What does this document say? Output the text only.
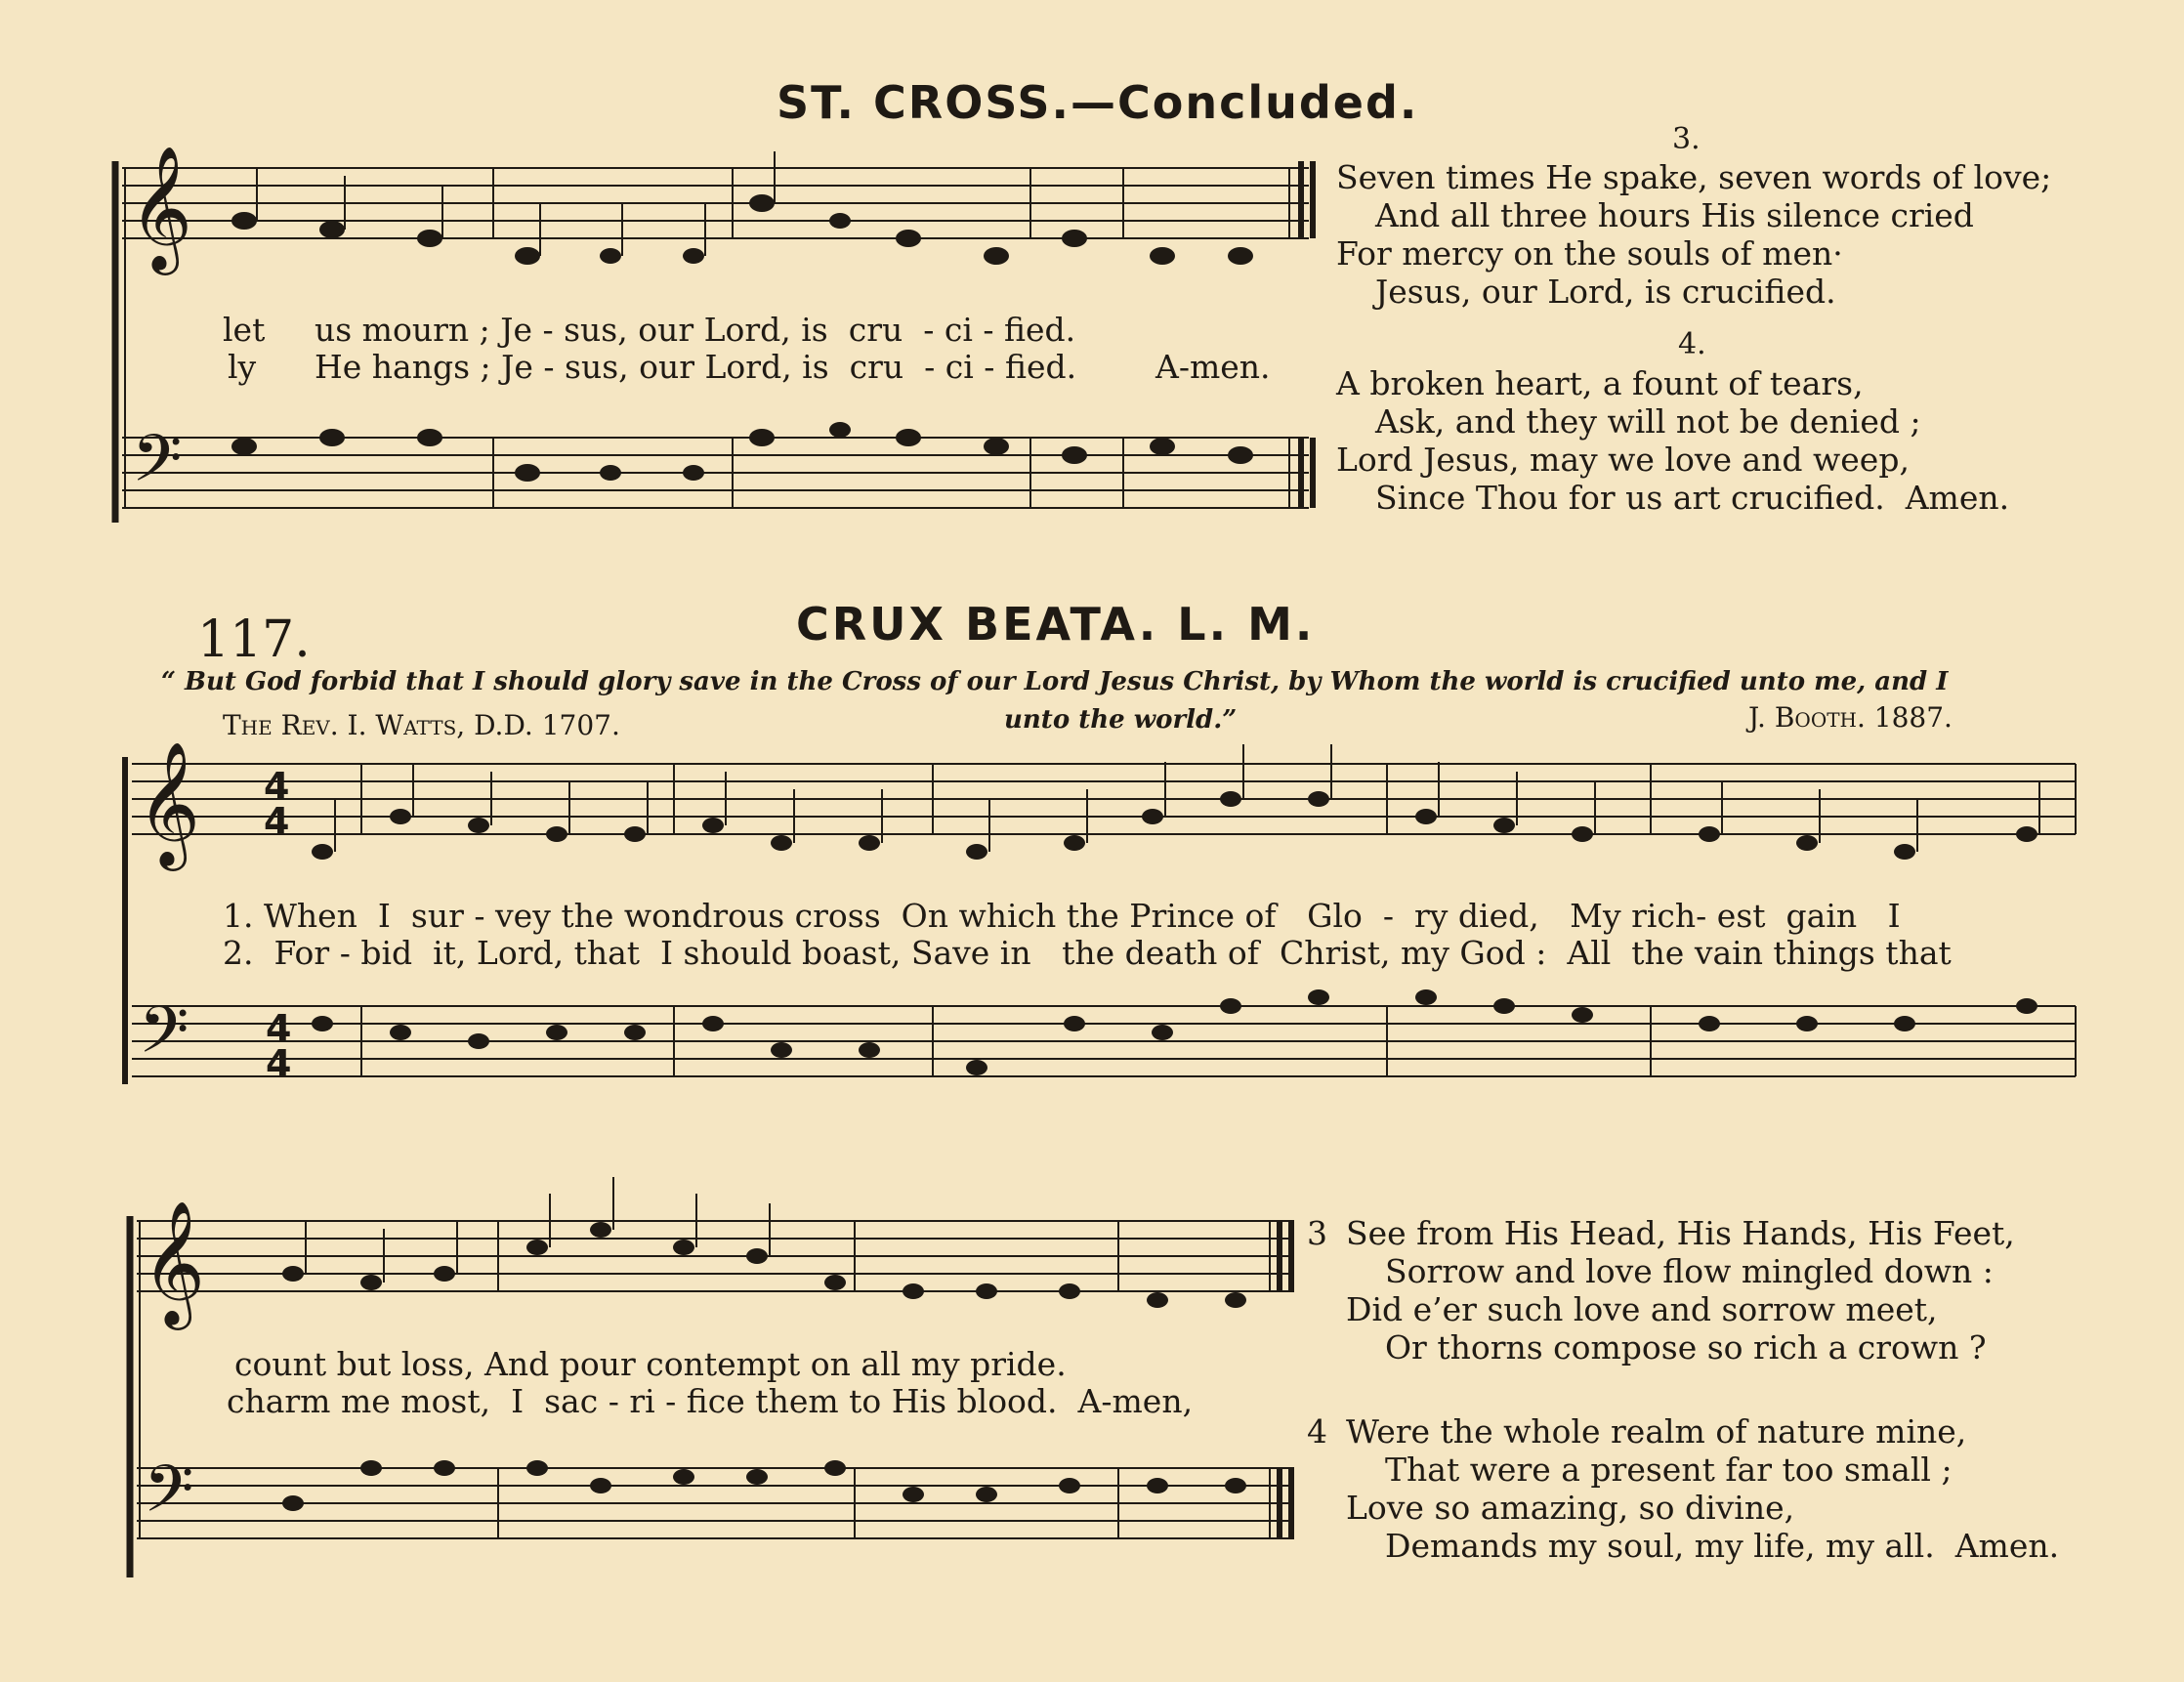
𝄞
𝄢
𝄞
𝄢
𝄞
𝄢
4
4
4
4
ST. CROSS.—Concluded.
let us mourn ; Je - sus, our Lord, is  cru  - ci - fied.
ly He hangs ; Je - sus, our Lord, is  cru  - ci - fied. A-men.
3.
Seven times He spake, seven words of love;
And all three hours His silence cried
For mercy on the souls of men·
Jesus, our Lord, is crucified.
4.
A broken heart, a fount of tears,
Ask, and they will not be denied ;
Lord Jesus, may we love and weep,
Since Thou for us art crucified.  Amen.
117.	CRUX BEATA. L. M.
“ But God forbid that I should glory save in the Cross of our Lord Jesus Christ, by Whom the world is crucified unto me, and I
unto the world.”
The Rev. I. Watts, D.D. 1707.	J. Booth. 1887.
1. When  I  sur - vey the wondrous cross  On which the Prince of   Glo  -  ry died,   My rich- est  gain   I
2.  For - bid  it, Lord, that  I should boast, Save in   the death of  Christ, my God :  All  the vain things that
count but loss, And pour contempt on all my pride.
charm me most,  I  sac - ri - fice them to His blood.  A-men,
3 See from His Head, His Hands, His Feet,
Sorrow and love flow mingled down :
Did e’er such love and sorrow meet,
Or thorns compose so rich a crown ?
4 Were the whole realm of nature mine,
That were a present far too small ;
Love so amazing, so divine,
Demands my soul, my life, my all.  Amen.
